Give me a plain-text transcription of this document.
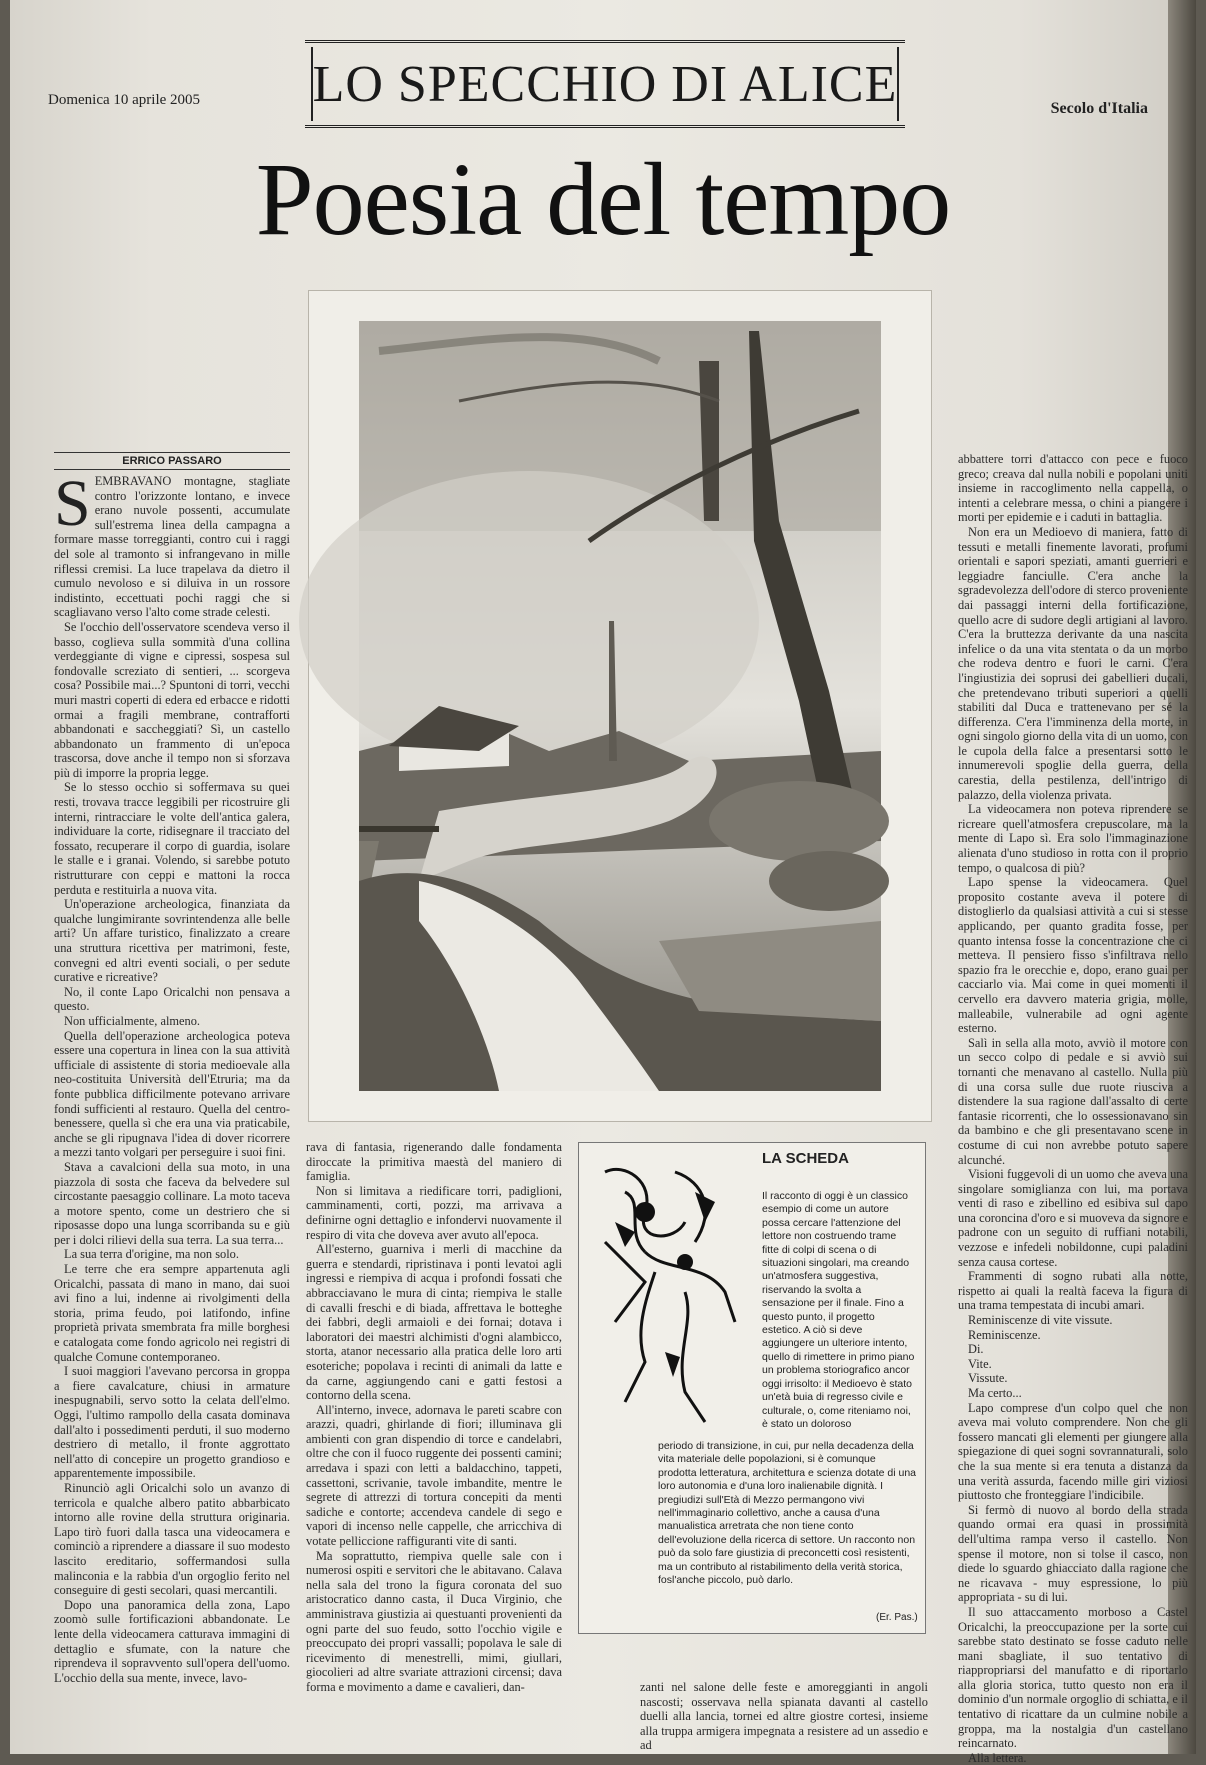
Domenica 10 aprile 2005 LO SPECCHIO DI ALICE	Secolo d'Italia
Poesia del tempo
ERRICO PASSARO
S EMBRAVANO montagne, stagliate contro l'orizzonte lontano, e invece erano nuvole possenti, accumulate sull'estrema linea della campagna a formare masse torreggianti, contro cui i raggi del sole al tramonto si infrangevano in mille riflessi cremisi. La luce trapelava da dietro il cumulo nevoloso e si diluiva in un rossore indistinto, eccettuati pochi raggi che si scagliavano verso l'alto come strade celesti.

Se l'occhio dell'osservatore scendeva verso il basso, coglieva sulla sommità d'una collina verdeggiante di vigne e cipressi, sospesa sul fondovalle screziato di sentieri, ... scorgeva cosa? Possibile mai...? Spuntoni di torri, vecchi muri mastri coperti di edera ed erbacce e ridotti ormai a fragili membrane, contrafforti abbandonati e saccheggiati? Sì, un castello abbandonato un frammento di un'epoca trascorsa, dove anche il tempo non si sforzava più di imporre la propria legge.

Se lo stesso occhio si soffermava su quei resti, trovava tracce leggibili per ricostruire gli interni, rintracciare le volte dell'antica galera, individuare la corte, ridisegnare il tracciato del fossato, recuperare il corpo di guardia, isolare le stalle e i granai. Volendo, si sarebbe potuto ristrutturare con ceppi e mattoni la rocca perduta e restituirla a nuova vita.

Un'operazione archeologica, finanziata da qualche lungimirante sovrintendenza alle belle arti? Un affare turistico, finalizzato a creare una struttura ricettiva per matrimoni, feste, convegni ed altri eventi sociali, o per sedute curative e ricreative?

No, il conte Lapo Oricalchi non pensava a questo.

Non ufficialmente, almeno.

Quella dell'operazione archeologica poteva essere una copertura in linea con la sua attività ufficiale di assistente di storia medioevale alla neo-costituita Università dell'Etruria; ma da fonte pubblica difficilmente potevano arrivare fondi sufficienti al restauro. Quella del centro-benessere, quella sì che era una via praticabile, anche se gli ripugnava l'idea di dover ricorrere a mezzi tanto volgari per perseguire i suoi fini.

Stava a cavalcioni della sua moto, in una piazzola di sosta che faceva da belvedere sul circostante paesaggio collinare. La moto taceva a motore spento, come un destriero che si riposasse dopo una lunga scorribanda su e giù per i dolci rilievi della sua terra. La sua terra...

La sua terra d'origine, ma non solo.

Le terre che era sempre appartenuta agli Oricalchi, passata di mano in mano, dai suoi avi fino a lui, indenne ai rivolgimenti della storia, prima feudo, poi latifondo, infine proprietà privata smembrata fra mille borghesi e catalogata come fondo agricolo nei registri di qualche Comune contemporaneo.

I suoi maggiori l'avevano percorsa in groppa a fiere cavalcature, chiusi in armature inespugnabili, servo sotto la celata dell'elmo. Oggi, l'ultimo rampollo della casata dominava dall'alto i possedimenti perduti, il suo moderno destriero di metallo, il fronte aggrottato nell'atto di concepire un progetto grandioso e apparentemente impossibile.

Rinunciò agli Oricalchi solo un avanzo di terricola e qualche albero patito abbarbicato intorno alle rovine della struttura originaria. Lapo tirò fuori dalla tasca una videocamera e cominciò a riprendere a diassare il suo modesto lascito ereditario, soffermandosi sulla malinconia e la rabbia d'un orgoglio ferito nel conseguire di gesti secolari, quasi mercantili.

Dopo una panoramica della zona, Lapo zoomò sulle fortificazioni abbandonate. Le lente della videocamera catturava immagini di dettaglio e sfumate, con la nature che riprendeva il sopravvento sull'opera dell'uomo. L'occhio della sua mente, invece, lavo-

rava di fantasia, rigenerando dalle fondamenta diroccate la primitiva maestà del maniero di famiglia.

Non si limitava a riedificare torri, padiglioni, camminamenti, corti, pozzi, ma arrivava a definirne ogni dettaglio e infondervi nuovamente il respiro di vita che doveva aver avuto all'epoca.

All'esterno, guarniva i merli di macchine da guerra e stendardi, ripristinava i ponti levatoi agli ingressi e riempiva di acqua i profondi fossati che abbracciavano le mura di cinta; riempiva le stalle di cavalli freschi e di biada, affrettava le botteghe dei fabbri, degli armaioli e dei fornai; dotava i laboratori dei maestri alchimisti d'ogni alambicco, storta, atanor necessario alla pratica delle loro arti esoteriche; popolava i recinti di animali da latte e da carne, aggiungendo cani e gatti festosi a contorno della scena.

All'interno, invece, adornava le pareti scabre con arazzi, quadri, ghirlande di fiori; illuminava gli ambienti con gran dispendio di torce e candelabri, oltre che con il fuoco ruggente dei possenti camini; arredava i spazi con letti a baldacchino, tappeti, cassettoni, scrivanie, tavole imbandite, mentre le segrete di attrezzi di tortura concepiti da menti sadiche e contorte; accendeva candele di sego e vapori di incenso nelle cappelle, che arricchiva di votate pelliccione raffiguranti vite di santi.

Ma soprattutto, riempiva quelle sale con i numerosi ospiti e servitori che le abitavano. Calava nella sala del trono la figura coronata del suo aristocratico danno casta, il Duca Virginio, che amministrava giustizia ai questuanti provenienti da ogni parte del suo feudo, sotto l'occhio vigile e preoccupato dei propri vassalli; popolava le sale di ricevimento di menestrelli, mimi, giullari, giocolieri ad altre svariate attrazioni circensi; dava forma e movimento a dame e cavalieri, dan-

LA SCHEDA
Il racconto di oggi è un classico esempio di come un autore possa cercare l'attenzione del lettore non costruendo trame fitte di colpi di scena o di situazioni singolari, ma creando un'atmosfera suggestiva, riservando la svolta a sensazione per il finale. Fino a questo punto, il progetto estetico. A ciò si deve aggiungere un ulteriore intento, quello di rimettere in primo piano un problema storiografico ancor oggi irrisolto: il Medioevo è stato un'età buia di regresso civile e culturale, o, come riteniamo noi, è stato un doloroso
periodo di transizione, in cui, pur nella decadenza della vita materiale delle popolazioni, si è comunque prodotta letteratura, architettura e scienza dotate di una loro autonomia e d'una loro inalienabile dignità. I pregiudizi sull'Età di Mezzo permangono vivi nell'immaginario collettivo, anche a causa d'una manualistica arretrata che non tiene conto dell'evoluzione della ricerca di settore. Un racconto non può da solo fare giustizia di preconcetti così resistenti, ma un contributo al ristabilimento della verità storica, fosl'anche piccolo, può darlo.
(Er. Pas.)

zanti nel salone delle feste e amoreggianti in angoli nascosti; osservava nella spianata davanti al castello duelli alla lancia, tornei ed altre giostre cortesi, insieme alla truppa armigera impegnata a resistere ad un assedio e ad

abbattere torri d'attacco con pece e fuoco greco; creava dal nulla nobili e popolani uniti insieme in raccoglimento nella cappella, o intenti a celebrare messa, o chini a piangere i morti per epidemie e i caduti in battaglia.

Non era un Medioevo di maniera, fatto di tessuti e metalli finemente lavorati, profumi orientali e sapori speziati, amanti guerrieri e leggiadre fanciulle. C'era anche la sgradevolezza dell'odore di sterco proveniente dai passaggi interni della fortificazione, quello acre di sudore degli artigiani al lavoro. C'era la bruttezza derivante da una nascita infelice o da una vita stentata o da un morbo che rodeva dentro e fuori le carni. C'era l'ingiustizia dei soprusi dei gabellieri ducali, che pretendevano tributi superiori a quelli stabiliti dal Duca e trattenevano per sé la differenza. C'era l'imminenza della morte, in ogni singolo giorno della vita di un uomo, con le cupola della falce a presentarsi sotto le innumerevoli spoglie della guerra, della carestia, della pestilenza, dell'intrigo di palazzo, della violenza privata.

La videocamera non poteva riprendere se ricreare quell'atmosfera crepuscolare, ma la mente di Lapo sì. Era solo l'immaginazione alienata d'uno studioso in rotta con il proprio tempo, o qualcosa di più?

Lapo spense la videocamera. Quel proposito costante aveva il potere di distoglierlo da qualsiasi attività a cui si stesse applicando, per quanto gradita fosse, per quanto intensa fosse la concentrazione che ci metteva. Il pensiero fisso s'infiltrava nello spazio fra le orecchie e, dopo, erano guai per cacciarlo via. Mai come in quei momenti il cervello era davvero materia grigia, molle, malleabile, vulnerabile ad ogni agente esterno.

Salì in sella alla moto, avviò il motore con un secco colpo di pedale e si avviò sui tornanti che menavano al castello. Nulla più di una corsa sulle due ruote riusciva a distendere la sua ragione dall'assalto di certe fantasie ricorrenti, che lo ossessionavano sin da bambino e che gli presentavano scene in costume di cui non avrebbe potuto sapere alcunché.

Visioni fuggevoli di un uomo che aveva una singolare somiglianza con lui, ma portava venti di raso e zibellino ed esibiva sul capo una coroncina d'oro e si muoveva da signore e padrone con un seguito di ruffiani notabili, vezzose e infedeli nobildonne, cupi paladini senza causa cortese.

Frammenti di sogno rubati alla notte, rispetto ai quali la realtà faceva la figura di una trama tempestata di incubi amari.

Reminiscenze di vite vissute.

Reminiscenze.

Di.

Vite.

Vissute.

Ma certo...

Lapo comprese d'un colpo quel che non aveva mai voluto comprendere. Non che gli fossero mancati gli elementi per giungere alla spiegazione di quei sogni sovrannaturali, solo che la sua mente si era tenuta a distanza da una verità assurda, facendo mille giri viziosi piuttosto che fronteggiare l'indicibile.

Si fermò di nuovo al bordo della strada quando ormai era quasi in prossimità dell'ultima rampa verso il castello. Non spense il motore, non si tolse il casco, non diede lo sguardo ghiacciato dalla ragione che ne ricavava - muy espressione, lo più appropriata - su di lui.

Il suo attaccamento morboso a Castel Oricalchi, la preoccupazione per la sorte cui sarebbe stato destinato se fosse caduto nelle mani sbagliate, il suo tentativo di riappropriarsi del manufatto e di riportarlo alla gloria storica, tutto questo non era il dominio d'un normale orgoglio di schiatta, e il tentativo di ricattare da un culmine nobile a groppa, ma la nostalgia d'un castellano reincarnato.

Alla lettera.
